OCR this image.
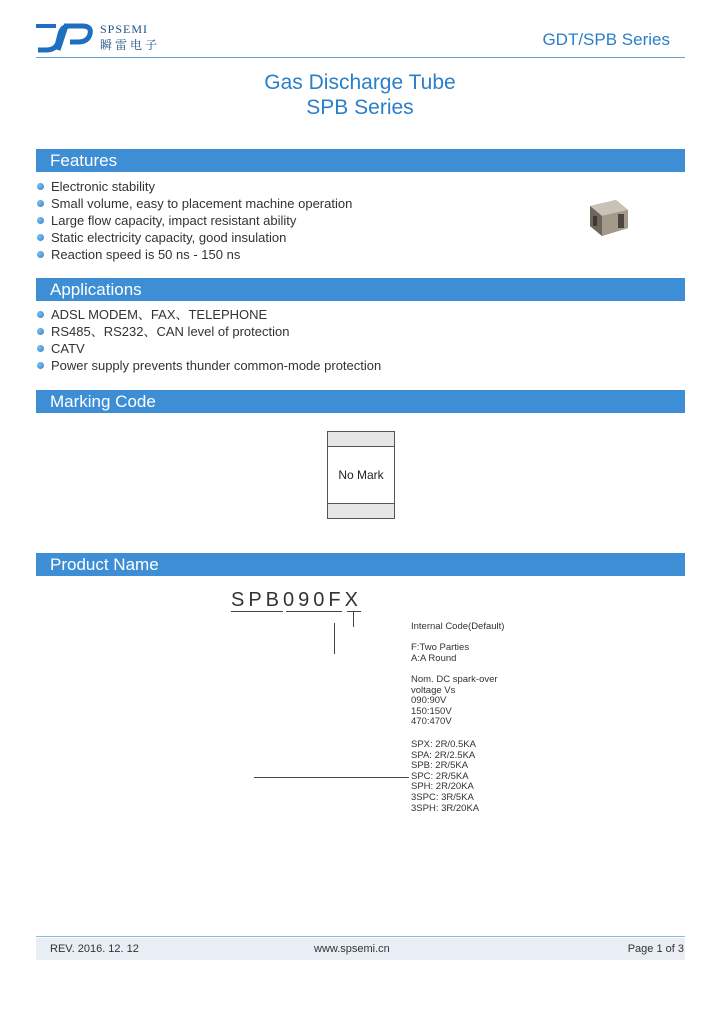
SPSEMI
瞬雷电子	GDT/SPB Series
Gas Discharge Tube
SPB Series
Features
Electronic stability
Small volume, easy to placement machine operation
Large flow capacity, impact resistant ability
Static electricity capacity, good insulation
Reaction speed is 50 ns - 150 ns
Applications
ADSL MODEM、FAX、TELEPHONE
RS485、RS232、CAN level of protection
CATV
Power supply prevents thunder common-mode protection
Marking Code
No Mark
Product Name
SPB090FX
Internal Code(Default)
F:Two Parties
A:A Round
Nom. DC spark-over
voltage Vs
090:90V
150:150V
470:470V
SPX: 2R/0.5KA
SPA: 2R/2.5KA
SPB: 2R/5KA
SPC: 2R/5KA
SPH: 2R/20KA
3SPC: 3R/5KA
3SPH: 3R/20KA
REV. 2016. 12. 12	www.spsemi.cn	Page 1 of 3
